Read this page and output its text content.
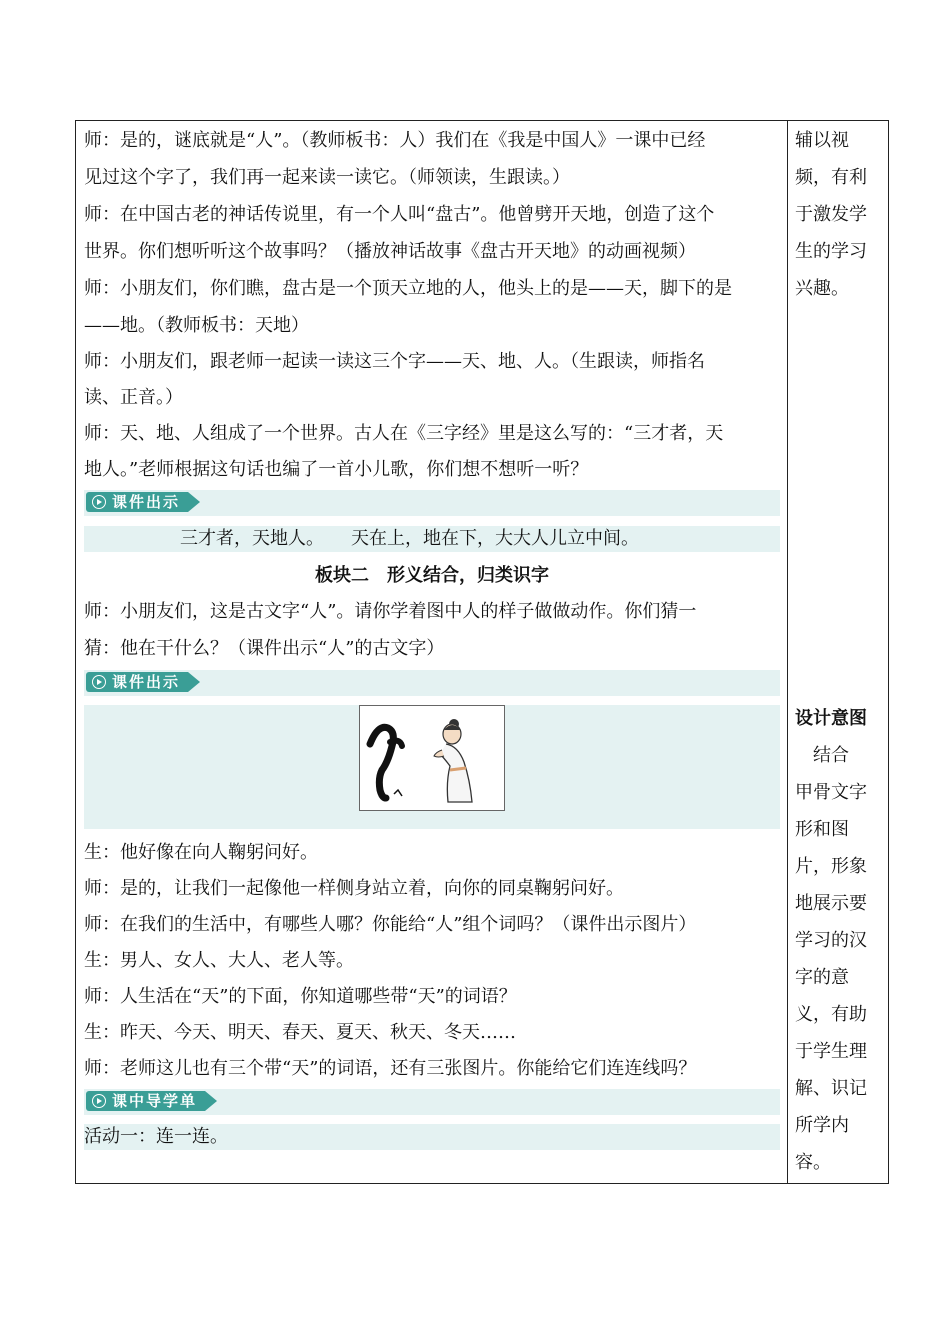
师：是的，谜底就是“人”。（教师板书：人）我们在《我是中国人》一课中已经
见过这个字了，我们再一起来读一读它。（师领读，生跟读。）
师：在中国古老的神话传说里，有一个人叫“盘古”。他曾劈开天地，创造了这个
世界。你们想听听这个故事吗？（播放神话故事《盘古开天地》的动画视频）
师：小朋友们，你们瞧，盘古是一个顶天立地的人，他头上的是——天，脚下的是
——地。（教师板书：天地）
师：小朋友们，跟老师一起读一读这三个字——天、地、人。（生跟读，师指名
读、正音。）
师：天、地、人组成了一个世界。古人在《三字经》里是这么写的：“三才者，天
地人。”老师根据这句话也编了一首小儿歌，你们想不想听一听？
课件出示
三才者，天地人。　　天在上，地在下，大大人儿立中间。
板块二　形义结合，归类识字
师：小朋友们，这是古文字“人”。请你学着图中人的样子做做动作。你们猜一
猜：他在干什么？（课件出示“人”的古文字）
课件出示
生：他好像在向人鞠躬问好。
师：是的，让我们一起像他一样侧身站立着，向你的同桌鞠躬问好。
师：在我们的生活中，有哪些人哪？你能给“人”组个词吗？（课件出示图片）
生：男人、女人、大人、老人等。
师：人生活在“天”的下面，你知道哪些带“天”的词语？
生：昨天、今天、明天、春天、夏天、秋天、冬天……
师：老师这儿也有三个带“天”的词语，还有三张图片。你能给它们连连线吗？
课中导学单
活动一：连一连。
辅以视
频，有利
于激发学
生的学习
兴趣。
设计意图
　结合
甲骨文字
形和图
片，形象
地展示要
学习的汉
字的意
义，有助
于学生理
解、识记
所学内
容。
